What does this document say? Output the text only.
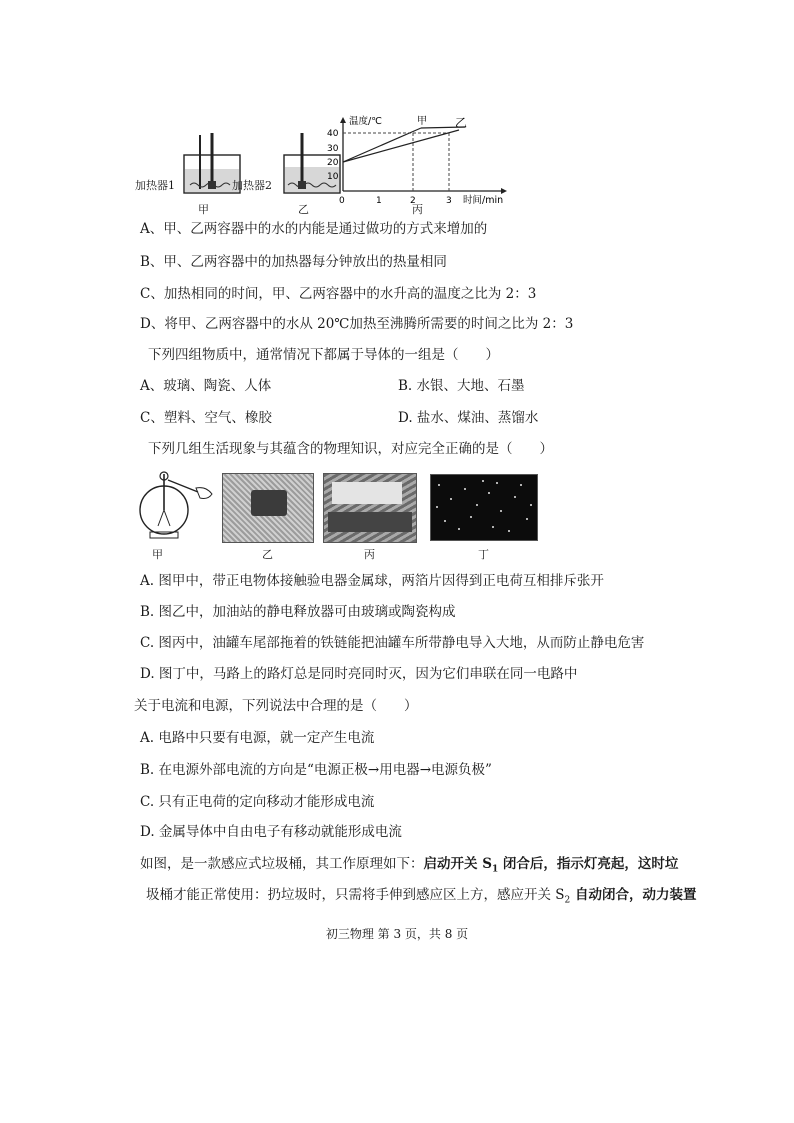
加热器1
甲
加热器2
乙
40
30
20
10
0	1	2	3
温度/℃
时间/min
甲 乙
丙
A、甲、乙两容器中的水的内能是通过做功的方式来增加的
B、甲、乙两容器中的加热器每分钟放出的热量相同
C、加热相同的时间，甲、乙两容器中的水升高的温度之比为 2：3
D、将甲、乙两容器中的水从 20℃加热至沸腾所需要的时间之比为 2：3
下列四组物质中，通常情况下都属于导体的一组是（　　）
A、玻璃、陶瓷、人体	B. 水银、大地、石墨
C、塑料、空气、橡胶	D. 盐水、煤油、蒸馏水
下列几组生活现象与其蕴含的物理知识，对应完全正确的是（　　）
甲	乙	丙	丁
A. 图甲中，带正电物体接触验电器金属球，两箔片因得到正电荷互相排斥张开
B. 图乙中，加油站的静电释放器可由玻璃或陶瓷构成
C. 图丙中，油罐车尾部拖着的铁链能把油罐车所带静电导入大地，从而防止静电危害
D. 图丁中，马路上的路灯总是同时亮同时灭，因为它们串联在同一电路中
关于电流和电源，下列说法中合理的是（　　）
A. 电路中只要有电源，就一定产生电流
B. 在电源外部电流的方向是“电源正极→用电器→电源负极”
C. 只有正电荷的定向移动才能形成电流
D. 金属导体中自由电子有移动就能形成电流
如图，是一款感应式垃圾桶，其工作原理如下：启动开关 $S_1$ 闭合后，指示灯亮起，这时垃
圾桶才能正常使用：扔垃圾时，只需将手伸到感应区上方，感应开关 $S_2$ 自动闭合，动力装置
初三物理 第 3 页，共 8 页
